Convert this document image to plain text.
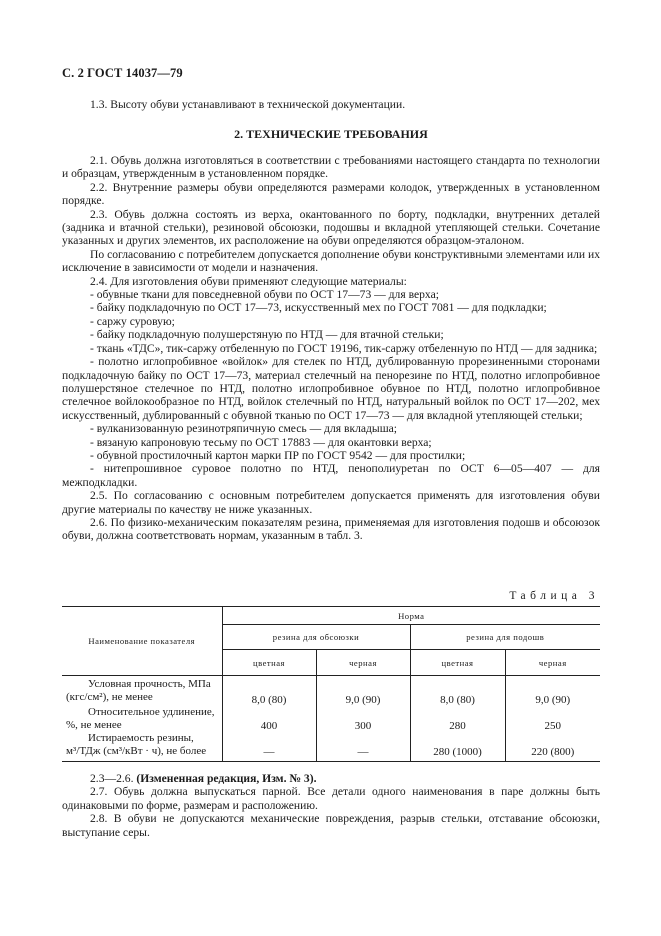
С. 2 ГОСТ 14037—79

1.3. Высоту обуви устанавливают в технической документации.

2. ТЕХНИЧЕСКИЕ ТРЕБОВАНИЯ

2.1. Обувь должна изготовляться в соответствии с требованиями настоящего стандарта по технологии и образцам, утвержденным в установленном порядке.

2.2. Внутренние размеры обуви определяются размерами колодок, утвержденных в установленном порядке.

2.3. Обувь должна состоять из верха, окантованного по борту, подкладки, внутренних деталей (задника и втачной стельки), резиновой обсоюзки, подошвы и вкладной утепляющей стельки. Сочетание указанных и других элементов, их расположение на обуви определяются образцом-эталоном.

По согласованию с потребителем допускается дополнение обуви конструктивными элементами или их исключение в зависимости от модели и назначения.

2.4. Для изготовления обуви применяют следующие материалы:

- обувные ткани для повседневной обуви по ОСТ 17—73 — для верха;

- байку подкладочную по ОСТ 17—73, искусственный мех по ГОСТ 7081 — для подкладки;

- саржу суровую;

- байку подкладочную полушерстяную по НТД — для втачной стельки;

- ткань «ТДС», тик-саржу отбеленную по ГОСТ 19196, тик-саржу отбеленную по НТД — для задника;

- полотно иглопробивное «войлок» для стелек по НТД, дублированную прорезиненными сторонами подкладочную байку по ОСТ 17—73, материал стелечный на пенорезине по НТД, полотно иглопробивное полушерстяное стелечное по НТД, полотно иглопробивное обувное по НТД, полотно иглопробивное стелечное войлокообразное по НТД, войлок стелечный по НТД, натуральный войлок по ОСТ 17—202, мех искусственный, дублированный с обувной тканью по ОСТ 17—73 — для вкладной утепляющей стельки;

- вулканизованную резинотряпичную смесь — для вкладыша;

- вязаную капроновую тесьму по ОСТ 17883 — для окантовки верха;

- обувной простилочный картон марки ПР по ГОСТ 9542 — для простилки;

- нитепрошивное суровое полотно по НТД, пенополиуретан по ОСТ 6—05—407 — для межподкладки.

2.5. По согласованию с основным потребителем допускается применять для изготовления обуви другие материалы по качеству не ниже указанных.

2.6. По физико-механическим показателям резина, применяемая для изготовления подошв и обсоюзок обуви, должна соответствовать нормам, указанным в табл. 3.

Таблица 3
Наименование показателя	Норма			
	резина для обсоюзки		резина для подошв	
	цветная	черная	цветная	черная

Условная прочность, МПа
(кгс/см²), не менее	8,0 (80)	9,0 (90)	8,0 (80)	9,0 (90)

Относительное удлинение,
%, не менее	400	300	280	250

Истираемость резины,
м³/ТДж (см³/кВт · ч), не более	—	—	280 (1000)	220 (800)

2.3—2.6. (Измененная редакция, Изм. № 3).

2.7. Обувь должна выпускаться парной. Все детали одного наименования в паре должны быть одинаковыми по форме, размерам и расположению.

2.8. В обуви не допускаются механические повреждения, разрыв стельки, отставание обсоюзки, выступание серы.
